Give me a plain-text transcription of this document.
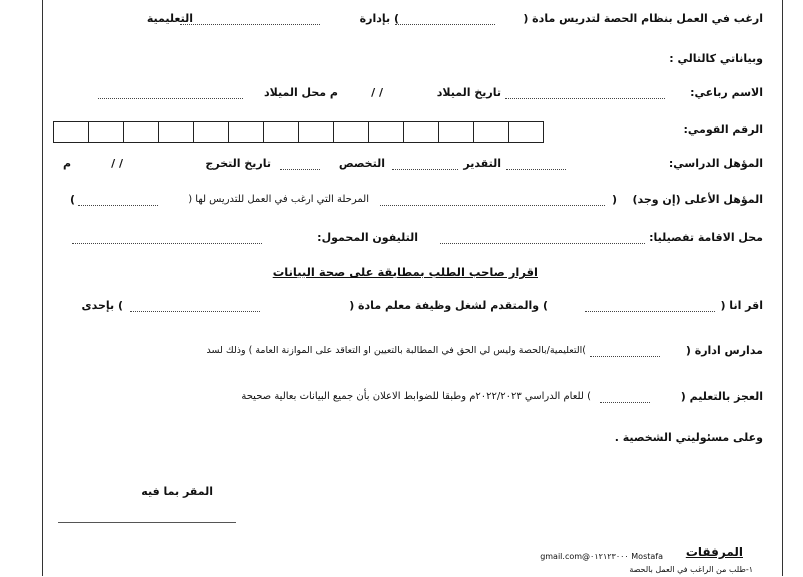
ارغب في العمل بنظام الحصة لتدريس مادة (
) بإدارة
التعليمية
وبياناتي كالتالي :
الاسم رباعي:
تاريخ الميلاد
/ /
م محل الميلاد
الرقم القومي:
المؤهل الدراسي:
التقدير
التخصص
تاريخ التخرج
/ /
م
المؤهل الأعلى (إن وجد)
(
المرحلة التي ارغب في العمل للتدريس لها (
)
محل الاقامة تفصيليا:
التليفون المحمول:
اقرار صاحب الطلب بمطابقة على صحة البيانات
اقر انا (
) والمتقدم لشغل وظيفة معلم مادة (
) بإحدى
مدارس ادارة (
)التعليمية/بالحصة وليس لي الحق في المطالبة بالتعيين او التعاقد على الموازنة العامة ) وذلك لسد
العجز بالتعليم (
) للعام الدراسي ٢٠٢٢/٢٠٢٣م وطبقا للضوابط الاعلان بأن جميع البيانات بعالية صحيحة
وعلى مسئوليتي الشخصية .
المقر بما فيه
المرفقات
Mostafa ٠١٢١٢٣٠٠٠@gmail.com
١-طلب من الراغب في العمل بالحصة
